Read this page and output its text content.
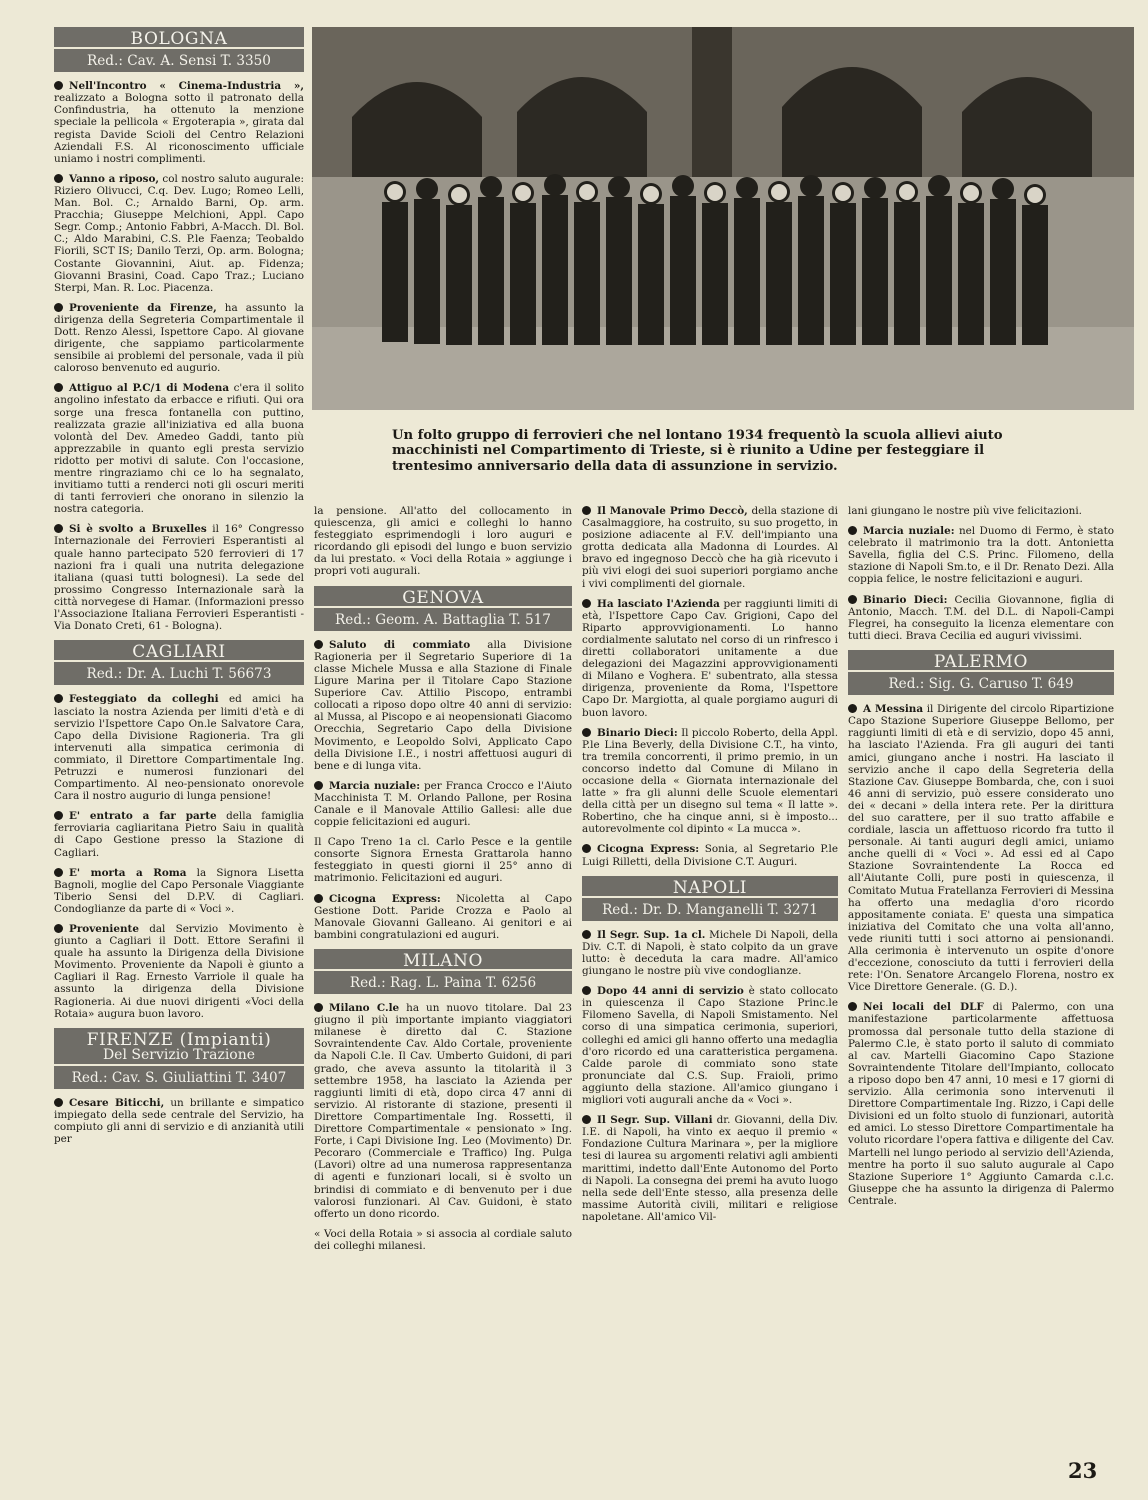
BOLOGNA
Red.: Cav. A. Sensi T. 3350
Nell'Incontro « Cinema-Industria », realizzato a Bologna sotto il patronato della Confindustria, ha ottenuto la menzione speciale la pellicola « Ergoterapia », girata dal regista Davide Scioli del Centro Relazioni Aziendali F.S. Al riconoscimento ufficiale uniamo i nostri complimenti.
Vanno a riposo, col nostro saluto augurale: Riziero Olivucci, C.q. Dev. Lugo; Romeo Lelli, Man. Bol. C.; Arnaldo Barni, Op. arm. Pracchia; Giuseppe Melchioni, Appl. Capo Segr. Comp.; Antonio Fabbri, A-Macch. Dl. Bol. C.; Aldo Marabini, C.S. P.le Faenza; Teobaldo Fiorili, SCT IS; Danilo Terzi, Op. arm. Bologna; Costante Giovannini, Aiut. ap. Fidenza; Giovanni Brasini, Coad. Capo Traz.; Luciano Sterpi, Man. R. Loc. Piacenza.
Proveniente da Firenze, ha assunto la dirigenza della Segreteria Compartimentale il Dott. Renzo Alessi, Ispettore Capo. Al giovane dirigente, che sappiamo particolarmente sensibile ai problemi del personale, vada il più caloroso benvenuto ed augurio.
Attiguo al P.C/1 di Modena c'era il solito angolino infestato da erbacce e rifiuti. Qui ora sorge una fresca fontanella con puttino, realizzata grazie all'iniziativa ed alla buona volontà del Dev. Amedeo Gaddi, tanto più apprezzabile in quanto egli presta servizio ridotto per motivi di salute. Con l'occasione, mentre ringraziamo chi ce lo ha segnalato, invitiamo tutti a renderci noti gli oscuri meriti di tanti ferrovieri che onorano in silenzio la nostra categoria.
Si è svolto a Bruxelles il 16° Congresso Internazionale dei Ferrovieri Esperantisti al quale hanno partecipato 520 ferrovieri di 17 nazioni fra i quali una nutrita delegazione italiana (quasi tutti bolognesi). La sede del prossimo Congresso Internazionale sarà la città norvegese di Hamar. (Informazioni presso l'Associazione Italiana Ferrovieri Esperantisti - Via Donato Creti, 61 - Bologna).
CAGLIARI
Red.: Dr. A. Luchi T. 56673
Festeggiato da colleghi ed amici ha lasciato la nostra Azienda per limiti d'età e di servizio l'Ispettore Capo On.le Salvatore Cara, Capo della Divisione Ragioneria. Tra gli intervenuti alla simpatica cerimonia di commiato, il Direttore Compartimentale Ing. Petruzzi e numerosi funzionari del Compartimento. Al neo-pensionato onorevole Cara il nostro augurio di lunga pensione!
E' entrato a far parte della famiglia ferroviaria cagliaritana Pietro Saiu in qualità di Capo Gestione presso la Stazione di Cagliari.
E' morta a Roma la Signora Lisetta Bagnoli, moglie del Capo Personale Viaggiante Tiberio Sensi del D.P.V. di Cagliari. Condoglianze da parte di « Voci ».
Proveniente dal Servizio Movimento è giunto a Cagliari il Dott. Ettore Serafini il quale ha assunto la Dirigenza della Divisione Movimento. Proveniente da Napoli è giunto a Cagliari il Rag. Ernesto Varriole il quale ha assunto la dirigenza della Divisione Ragioneria. Ai due nuovi dirigenti «Voci della Rotaia» augura buon lavoro.
FIRENZE (Impianti)
Del Servizio Trazione
Red.: Cav. S. Giuliattini T. 3407
Cesare Biticchi, un brillante e simpatico impiegato della sede centrale del Servizio, ha compiuto gli anni di servizio e di anzianità utili per

Un folto gruppo di ferrovieri che nel lontano 1934 frequentò la scuola allievi aiuto macchinisti nel Compartimento di Trieste, si è riunito a Udine per festeggiare il trentesimo anniversario della data di assunzione in servizio.

la pensione. All'atto del collocamento in quiescenza, gli amici e colleghi lo hanno festeggiato esprimendogli i loro auguri e ricordando gli episodi del lungo e buon servizio da lui prestato. « Voci della Rotaia » aggiunge i propri voti augurali.
GENOVA
Red.: Geom. A. Battaglia T. 517
Saluto di commiato alla Divisione Ragioneria per il Segretario Superiore di 1a classe Michele Mussa e alla Stazione di Finale Ligure Marina per il Titolare Capo Stazione Superiore Cav. Attilio Piscopo, entrambi collocati a riposo dopo oltre 40 anni di servizio: al Mussa, al Piscopo e ai neopensionati Giacomo Orecchia, Segretario Capo della Divisione Movimento, e Leopoldo Solvi, Applicato Capo della Divisione I.E., i nostri affettuosi auguri di bene e di lunga vita.
Marcia nuziale: per Franca Crocco e l'Aiuto Macchinista T. M. Orlando Pallone, per Rosina Canale e il Manovale Attilio Gallesi: alle due coppie felicitazioni ed auguri.
Il Capo Treno 1a cl. Carlo Pesce e la gentile consorte Signora Ernesta Grattarola hanno festeggiato in questi giorni il 25° anno di matrimonio. Felicitazioni ed auguri.
Cicogna Express: Nicoletta al Capo Gestione Dott. Paride Crozza e Paolo al Manovale Giovanni Galleano. Ai genitori e ai bambini congratulazioni ed auguri.
MILANO
Red.: Rag. L. Paina T. 6256
Milano C.le ha un nuovo titolare. Dal 23 giugno il più importante impianto viaggiatori milanese è diretto dal C. Stazione Sovraintendente Cav. Aldo Cortale, proveniente da Napoli C.le. Il Cav. Umberto Guidoni, di pari grado, che aveva assunto la titolarità il 3 settembre 1958, ha lasciato la Azienda per raggiunti limiti di età, dopo circa 47 anni di servizio. Al ristorante di stazione, presenti il Direttore Compartimentale Ing. Rossetti, il Direttore Compartimentale « pensionato » Ing. Forte, i Capi Divisione Ing. Leo (Movimento) Dr. Pecoraro (Commerciale e Traffico) Ing. Pulga (Lavori) oltre ad una numerosa rappresentanza di agenti e funzionari locali, si è svolto un brindisi di commiato e di benvenuto per i due valorosi funzionari. Al Cav. Guidoni, è stato offerto un dono ricordo.
« Voci della Rotaia » si associa al cordiale saluto dei colleghi milanesi.
Il Manovale Primo Deccò, della stazione di Casalmaggiore, ha costruito, su suo progetto, in posizione adiacente al F.V. dell'impianto una grotta dedicata alla Madonna di Lourdes. Al bravo ed ingegnoso Deccò che ha già ricevuto i più vivi elogi dei suoi superiori porgiamo anche i vivi complimenti del giornale.
Ha lasciato l'Azienda per raggiunti limiti di età, l'Ispettore Capo Cav. Grigioni, Capo del Riparto approvvigionamenti. Lo hanno cordialmente salutato nel corso di un rinfresco i diretti collaboratori unitamente a due delegazioni dei Magazzini approvvigionamenti di Milano e Voghera. E' subentrato, alla stessa dirigenza, proveniente da Roma, l'Ispettore Capo Dr. Margiotta, al quale porgiamo auguri di buon lavoro.
Binario Dieci: Il piccolo Roberto, della Appl. P.le Lina Beverly, della Divisione C.T., ha vinto, tra tremila concorrenti, il primo premio, in un concorso indetto dal Comune di Milano in occasione della « Giornata internazionale del latte » fra gli alunni delle Scuole elementari della città per un disegno sul tema « Il latte ». Robertino, che ha cinque anni, si è imposto... autorevolmente col dipinto « La mucca ».
Cicogna Express: Sonia, al Segretario P.le Luigi Rilletti, della Divisione C.T. Auguri.
NAPOLI
Red.: Dr. D. Manganelli T. 3271
Il Segr. Sup. 1a cl. Michele Di Napoli, della Div. C.T. di Napoli, è stato colpito da un grave lutto: è deceduta la cara madre. All'amico giungano le nostre più vive condoglianze.
Dopo 44 anni di servizio è stato collocato in quiescenza il Capo Stazione Princ.le Filomeno Savella, di Napoli Smistamento. Nel corso di una simpatica cerimonia, superiori, colleghi ed amici gli hanno offerto una medaglia d'oro ricordo ed una caratteristica pergamena. Calde parole di commiato sono state pronunciate dal C.S. Sup. Fraioli, primo aggiunto della stazione. All'amico giungano i migliori voti augurali anche da « Voci ».
Il Segr. Sup. Villani dr. Giovanni, della Div. I.E. di Napoli, ha vinto ex aequo il premio « Fondazione Cultura Marinara », per la migliore tesi di laurea su argomenti relativi agli ambienti marittimi, indetto dall'Ente Autonomo del Porto di Napoli. La consegna dei premi ha avuto luogo nella sede dell'Ente stesso, alla presenza delle massime Autorità civili, militari e religiose napoletane. All'amico Vil-
lani giungano le nostre più vive felicitazioni.
Marcia nuziale: nel Duomo di Fermo, è stato celebrato il matrimonio tra la dott. Antonietta Savella, figlia del C.S. Princ. Filomeno, della stazione di Napoli Sm.to, e il Dr. Renato Dezi. Alla coppia felice, le nostre felicitazioni e auguri.
Binario Dieci: Cecilia Giovannone, figlia di Antonio, Macch. T.M. del D.L. di Napoli-Campi Flegrei, ha conseguito la licenza elementare con tutti dieci. Brava Cecilia ed auguri vivissimi.
PALERMO
Red.: Sig. G. Caruso T. 649
A Messina il Dirigente del circolo Ripartizione Capo Stazione Superiore Giuseppe Bellomo, per raggiunti limiti di età e di servizio, dopo 45 anni, ha lasciato l'Azienda. Fra gli auguri dei tanti amici, giungano anche i nostri. Ha lasciato il servizio anche il capo della Segreteria della Stazione Cav. Giuseppe Bombarda, che, con i suoi 46 anni di servizio, può essere considerato uno dei « decani » della intera rete. Per la dirittura del suo carattere, per il suo tratto affabile e cordiale, lascia un affettuoso ricordo fra tutto il personale. Ai tanti auguri degli amici, uniamo anche quelli di « Voci ». Ad essi ed al Capo Stazione Sovraintendente La Rocca ed all'Aiutante Colli, pure posti in quiescenza, il Comitato Mutua Fratellanza Ferrovieri di Messina ha offerto una medaglia d'oro ricordo appositamente coniata. E' questa una simpatica iniziativa del Comitato che una volta all'anno, vede riuniti tutti i soci attorno ai pensionandi. Alla cerimonia è intervenuto un ospite d'onore d'eccezione, conosciuto da tutti i ferrovieri della rete: l'On. Senatore Arcangelo Florena, nostro ex Vice Direttore Generale. (G. D.).
Nei locali del DLF di Palermo, con una manifestazione particolarmente affettuosa promossa dal personale tutto della stazione di Palermo C.le, è stato porto il saluto di commiato al cav. Martelli Giacomino Capo Stazione Sovraintendente Titolare dell'Impianto, collocato a riposo dopo ben 47 anni, 10 mesi e 17 giorni di servizio. Alla cerimonia sono intervenuti il Direttore Compartimentale Ing. Rizzo, i Capi delle Divisioni ed un folto stuolo di funzionari, autorità ed amici. Lo stesso Direttore Compartimentale ha voluto ricordare l'opera fattiva e diligente del Cav. Martelli nel lungo periodo al servizio dell'Azienda, mentre ha porto il suo saluto augurale al Capo Stazione Superiore 1° Aggiunto Camarda c.l.c. Giuseppe che ha assunto la dirigenza di Palermo Centrale.
23
